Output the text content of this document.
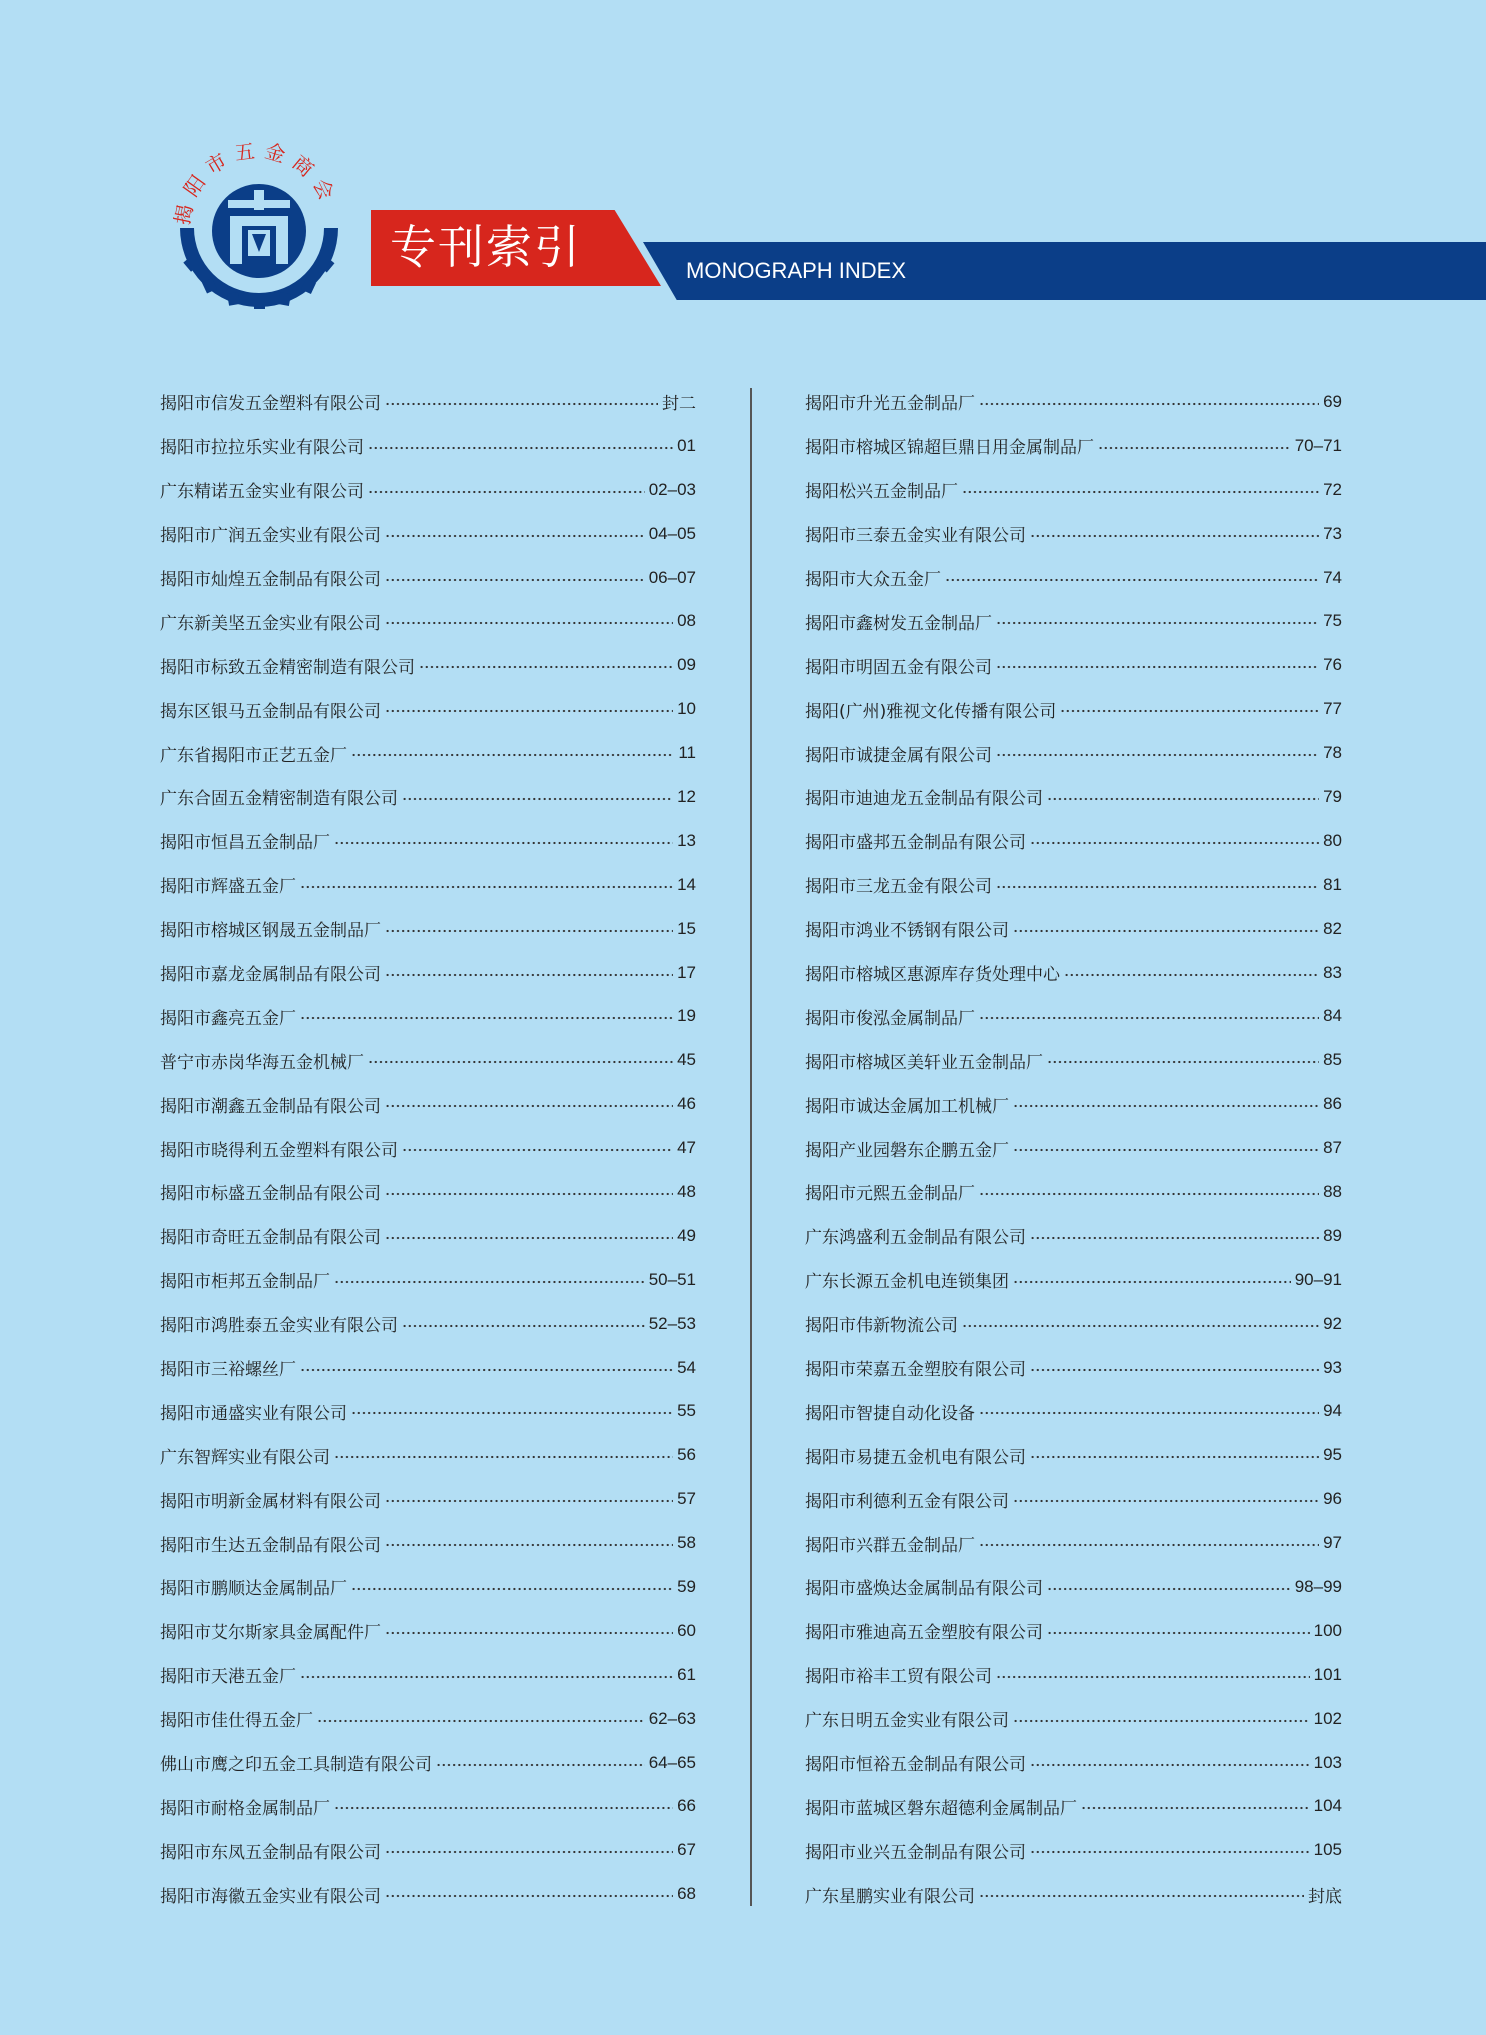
揭阳市五金商会
专刊索引	MONOGRAPH INDEX
揭阳市信发五金塑料有限公司	封二
揭阳市拉拉乐实业有限公司	01
广东精诺五金实业有限公司	02–03
揭阳市广润五金实业有限公司	04–05
揭阳市灿煌五金制品有限公司	06–07
广东新美坚五金实业有限公司	08
揭阳市标致五金精密制造有限公司	09
揭东区银马五金制品有限公司	10
广东省揭阳市正艺五金厂	11
广东合固五金精密制造有限公司	12
揭阳市恒昌五金制品厂	13
揭阳市辉盛五金厂	14
揭阳市榕城区钢晟五金制品厂	15
揭阳市嘉龙金属制品有限公司	17
揭阳市鑫亮五金厂	19
普宁市赤岗华海五金机械厂	45
揭阳市潮鑫五金制品有限公司	46
揭阳市晓得利五金塑料有限公司	47
揭阳市标盛五金制品有限公司	48
揭阳市奇旺五金制品有限公司	49
揭阳市柜邦五金制品厂	50–51
揭阳市鸿胜泰五金实业有限公司	52–53
揭阳市三裕螺丝厂	54
揭阳市通盛实业有限公司	55
广东智辉实业有限公司	56
揭阳市明新金属材料有限公司	57
揭阳市生达五金制品有限公司	58
揭阳市鹏顺达金属制品厂	59
揭阳市艾尔斯家具金属配件厂	60
揭阳市天港五金厂	61
揭阳市佳仕得五金厂	62–63
佛山市鹰之印五金工具制造有限公司	64–65
揭阳市耐格金属制品厂	66
揭阳市东凤五金制品有限公司	67
揭阳市海徽五金实业有限公司	68
揭阳市升光五金制品厂	69
揭阳市榕城区锦超巨鼎日用金属制品厂	70–71
揭阳松兴五金制品厂	72
揭阳市三泰五金实业有限公司	73
揭阳市大众五金厂	74
揭阳市鑫树发五金制品厂	75
揭阳市明固五金有限公司	76
揭阳(广州)雅视文化传播有限公司	77
揭阳市诚捷金属有限公司	78
揭阳市迪迪龙五金制品有限公司	79
揭阳市盛邦五金制品有限公司	80
揭阳市三龙五金有限公司	81
揭阳市鸿业不锈钢有限公司	82
揭阳市榕城区惠源库存货处理中心	83
揭阳市俊泓金属制品厂	84
揭阳市榕城区美轩业五金制品厂	85
揭阳市诚达金属加工机械厂	86
揭阳产业园磐东企鹏五金厂	87
揭阳市元熙五金制品厂	88
广东鸿盛利五金制品有限公司	89
广东长源五金机电连锁集团	90–91
揭阳市伟新物流公司	92
揭阳市荣嘉五金塑胶有限公司	93
揭阳市智捷自动化设备	94
揭阳市易捷五金机电有限公司	95
揭阳市利德利五金有限公司	96
揭阳市兴群五金制品厂	97
揭阳市盛焕达金属制品有限公司	98–99
揭阳市雅迪高五金塑胶有限公司	100
揭阳市裕丰工贸有限公司	101
广东日明五金实业有限公司	102
揭阳市恒裕五金制品有限公司	103
揭阳市蓝城区磐东超德利金属制品厂	104
揭阳市业兴五金制品有限公司	105
广东星鹏实业有限公司	封底
